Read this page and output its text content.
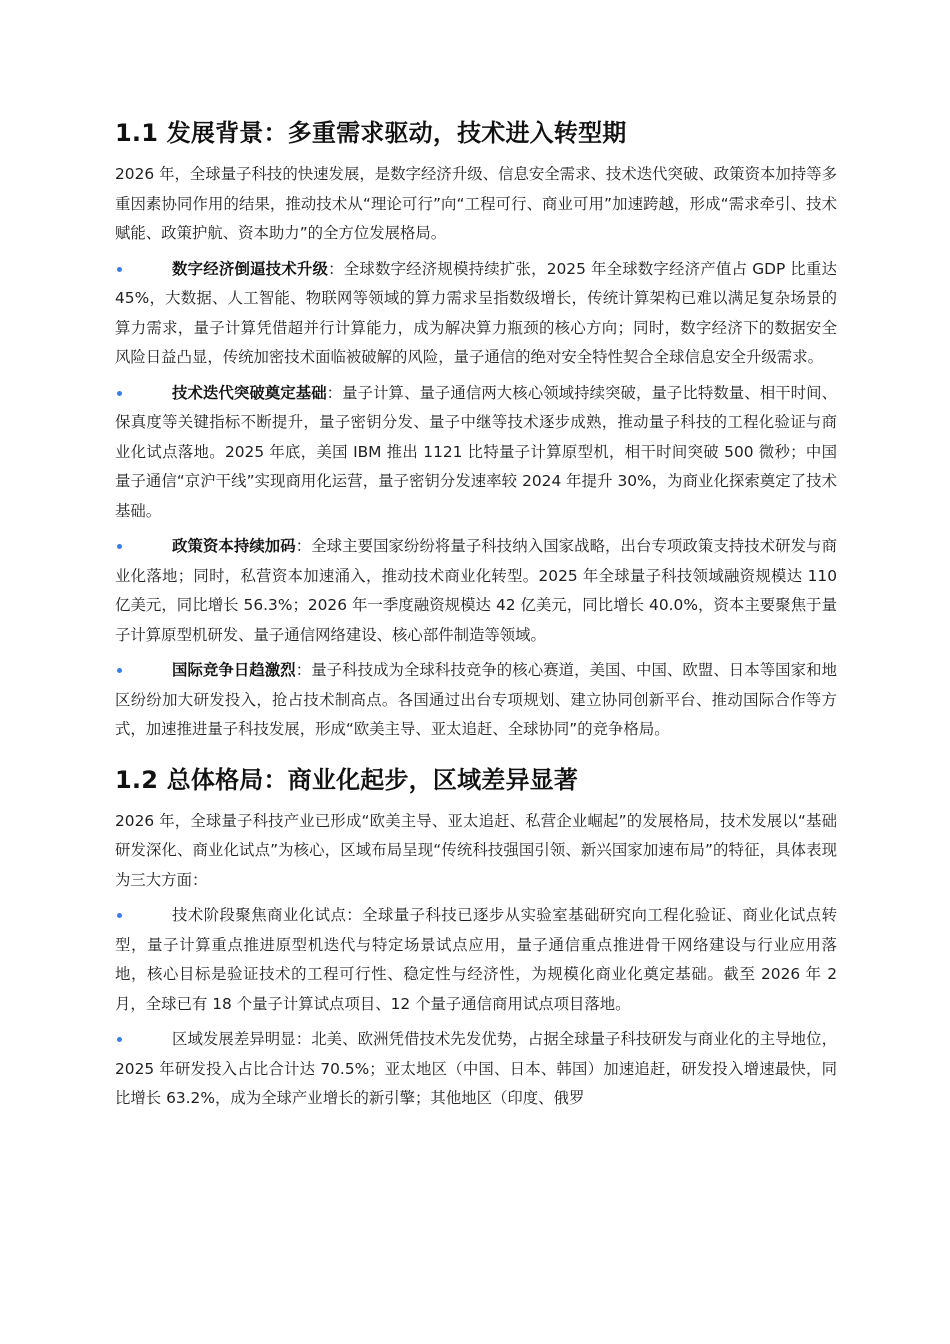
1.1 发展背景：多重需求驱动，技术进入转型期

2026 年，全球量子科技的快速发展，是数字经济升级、信息安全需求、技术迭代突破、政策资本加持等多重因素协同作用的结果，推动技术从“理论可行”向“工程可行、商业可用”加速跨越，形成“需求牵引、技术赋能、政策护航、资本助力”的全方位发展格局。

数字经济倒逼技术升级：全球数字经济规模持续扩张，2025 年全球数字经济产值占 GDP 比重达 45%，大数据、人工智能、物联网等领域的算力需求呈指数级增长，传统计算架构已难以满足复杂场景的算力需求，量子计算凭借超并行计算能力，成为解决算力瓶颈的核心方向；同时，数字经济下的数据安全风险日益凸显，传统加密技术面临被破解的风险，量子通信的绝对安全特性契合全球信息安全升级需求。

技术迭代突破奠定基础：量子计算、量子通信两大核心领域持续突破，量子比特数量、相干时间、保真度等关键指标不断提升，量子密钥分发、量子中继等技术逐步成熟，推动量子科技的工程化验证与商业化试点落地。2025 年底，美国 IBM 推出 1121 比特量子计算原型机，相干时间突破 500 微秒；中国量子通信“京沪干线”实现商用化运营，量子密钥分发速率较 2024 年提升 30%，为商业化探索奠定了技术基础。

政策资本持续加码：全球主要国家纷纷将量子科技纳入国家战略，出台专项政策支持技术研发与商业化落地；同时，私营资本加速涌入，推动技术商业化转型。2025 年全球量子科技领域融资规模达 110 亿美元，同比增长 56.3%；2026 年一季度融资规模达 42 亿美元，同比增长 40.0%，资本主要聚焦于量子计算原型机研发、量子通信网络建设、核心部件制造等领域。

国际竞争日趋激烈：量子科技成为全球科技竞争的核心赛道，美国、中国、欧盟、日本等国家和地区纷纷加大研发投入，抢占技术制高点。各国通过出台专项规划、建立协同创新平台、推动国际合作等方式，加速推进量子科技发展，形成“欧美主导、亚太追赶、全球协同”的竞争格局。

1.2 总体格局：商业化起步，区域差异显著

2026 年，全球量子科技产业已形成“欧美主导、亚太追赶、私营企业崛起”的发展格局，技术发展以“基础研发深化、商业化试点”为核心，区域布局呈现“传统科技强国引领、新兴国家加速布局”的特征，具体表现为三大方面：

技术阶段聚焦商业化试点：全球量子科技已逐步从实验室基础研究向工程化验证、商业化试点转型，量子计算重点推进原型机迭代与特定场景试点应用，量子通信重点推进骨干网络建设与行业应用落地，核心目标是验证技术的工程可行性、稳定性与经济性，为规模化商业化奠定基础。截至 2026 年 2 月，全球已有 18 个量子计算试点项目、12 个量子通信商用试点项目落地。

区域发展差异明显：北美、欧洲凭借技术先发优势，占据全球量子科技研发与商业化的主导地位，2025 年研发投入占比合计达 70.5%；亚太地区（中国、日本、韩国）加速追赶，研发投入增速最快，同比增长 63.2%，成为全球产业增长的新引擎；其他地区（印度、俄罗
